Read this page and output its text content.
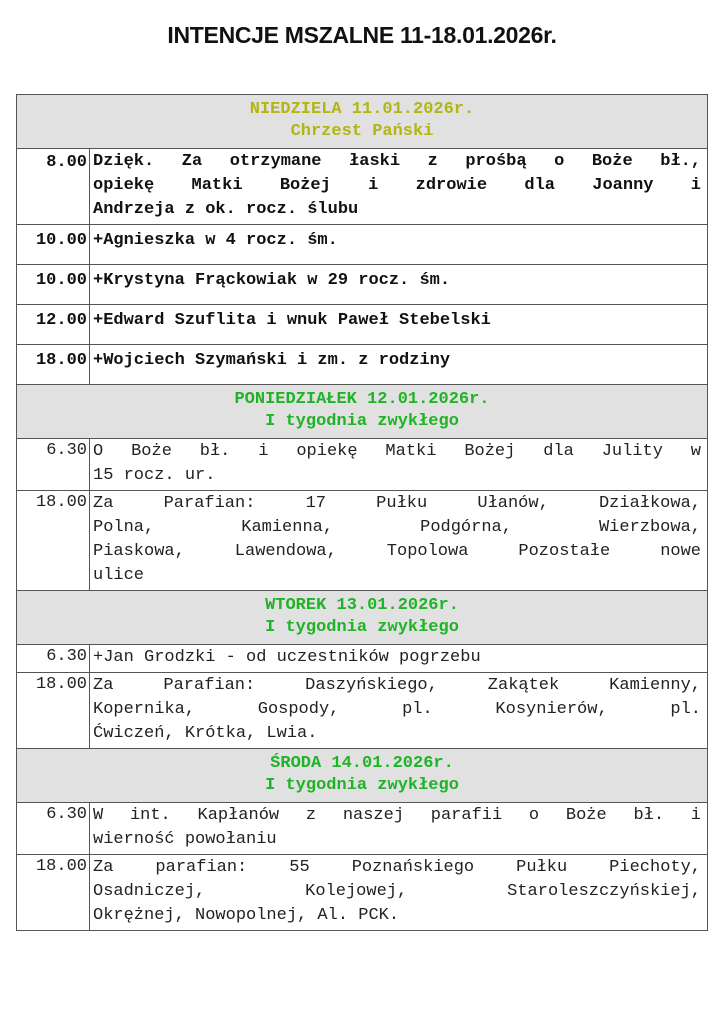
INTENCJE MSZALNE 11-18.01.2026r.
NIEDZIELA 11.01.2026r.
Chrzest Pański	

8.00	Dzięk. Za otrzymane łaski z prośbą o Boże bł.,
opiekę Matki Bożej i zdrowie dla Joanny i
Andrzeja z ok. rocz. ślubu

10.00	+Agnieszka w 4 rocz. śm.

10.00	+Krystyna Frąckowiak w 29 rocz. śm.

12.00	+Edward Szuflita i wnuk Paweł Stebelski

18.00	+Wojciech Szymański i zm. z rodziny

PONIEDZIAŁEK 12.01.2026r.
I tygodnia zwykłego	

6.30	O Boże bł. i opiekę Matki Bożej dla Julity w
15 rocz. ur.

18.00	Za Parafian: 17 Pułku Ułanów, Działkowa,
Polna, Kamienna, Podgórna, Wierzbowa,
Piaskowa, Lawendowa, Topolowa Pozostałe nowe
ulice

WTOREK 13.01.2026r.
I tygodnia zwykłego	

6.30	+Jan Grodzki - od uczestników pogrzebu

18.00	Za Parafian: Daszyńskiego, Zakątek Kamienny,
Kopernika, Gospody, pl. Kosynierów, pl.
Ćwiczeń, Krótka, Lwia.

ŚRODA 14.01.2026r.
I tygodnia zwykłego	

6.30	W int. Kapłanów z naszej parafii o Boże bł. i
wierność powołaniu

18.00	Za parafian: 55 Poznańskiego Pułku Piechoty,
Osadniczej, Kolejowej, Staroleszczyńskiej,
Okrężnej, Nowopolnej, Al. PCK.
